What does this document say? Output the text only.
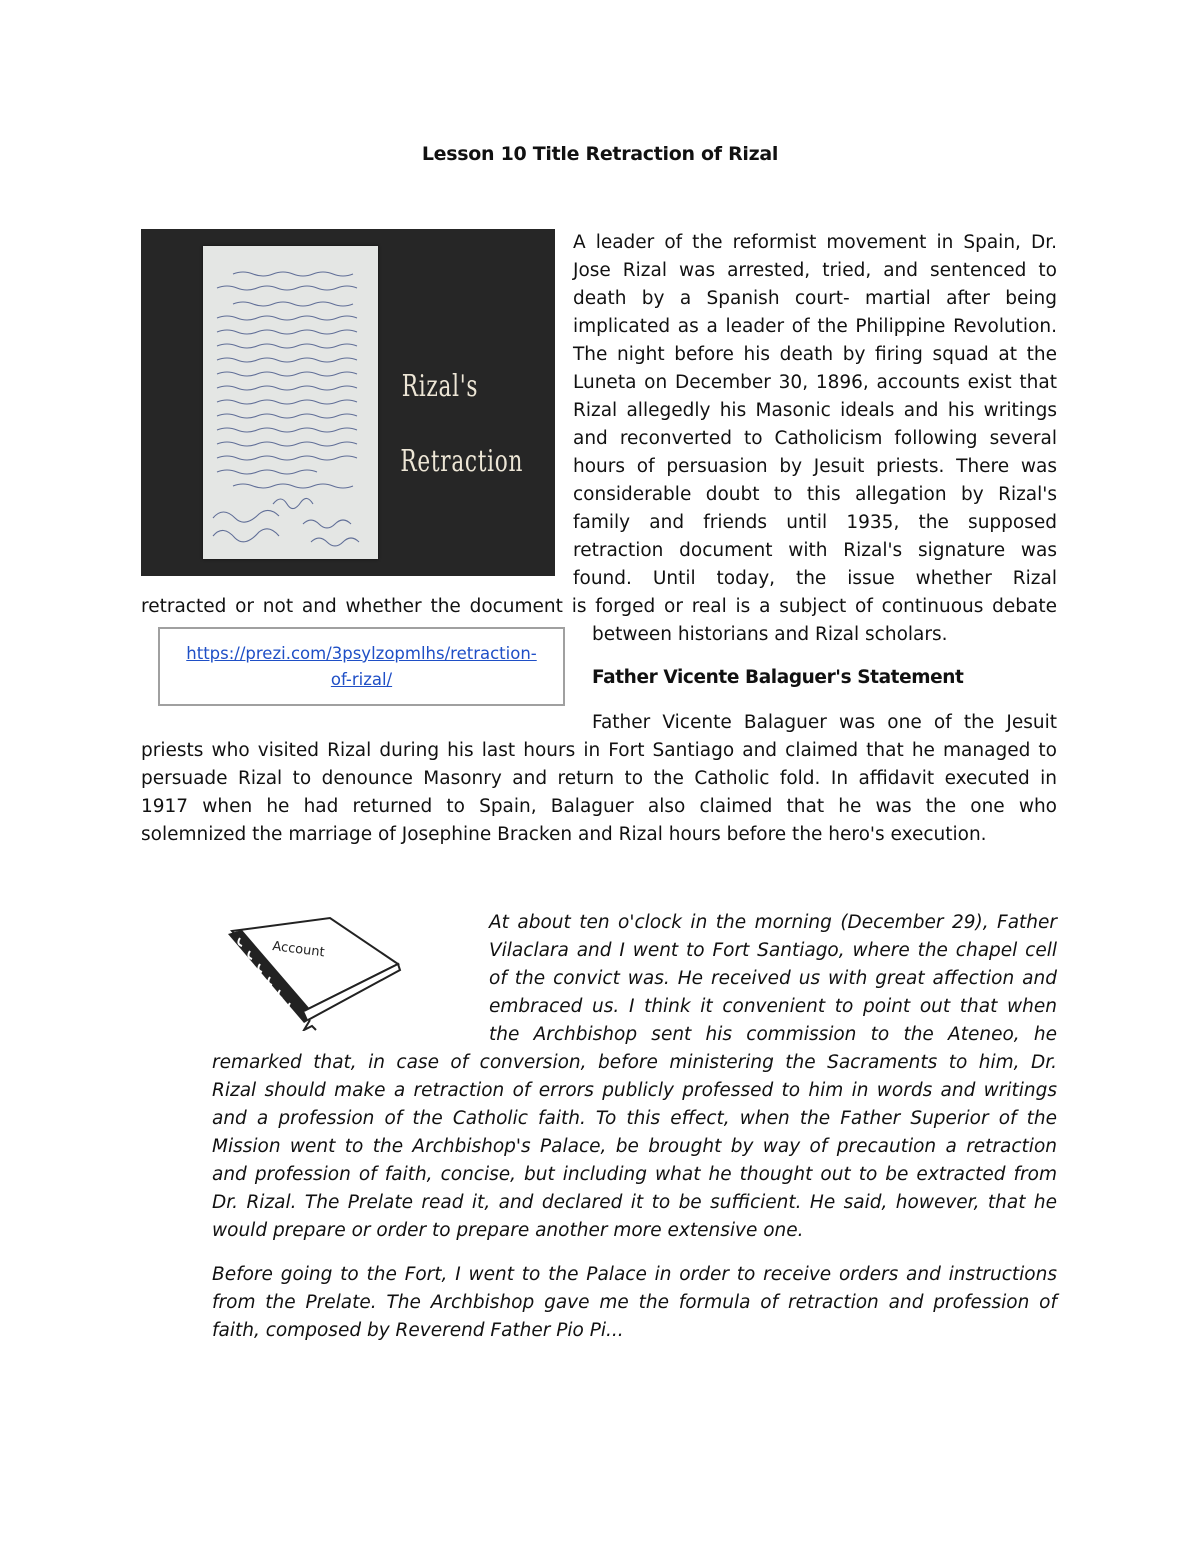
Lesson 10 Title Retraction of Rizal
Rizal's
Retraction
A leader of the reformist movement in Spain, Dr.
Jose Rizal was arrested, tried, and sentenced to
death by a Spanish court- martial after being
implicated as a leader of the Philippine Revolution.
The night before his death by firing squad at the
Luneta on December 30, 1896, accounts exist that
Rizal allegedly his Masonic ideals and his writings
and reconverted to Catholicism following several
hours of persuasion by Jesuit priests. There was
considerable doubt to this allegation by Rizal's
family and friends until 1935, the supposed
retraction document with Rizal's signature was
found. Until today, the issue whether Rizal
retracted or not and whether the document is forged or real is a subject of continuous debate
between historians and Rizal scholars.
https://prezi.com/3psylzopmlhs/retraction-
of-rizal/	Father Vicente Balaguer's Statement
Father Vicente Balaguer was one of the Jesuit
priests who visited Rizal during his last hours in Fort Santiago and claimed that he managed to
persuade Rizal to denounce Masonry and return to the Catholic fold. In affidavit executed in
1917 when he had returned to Spain, Balaguer also claimed that he was the one who
solemnized the marriage of Josephine Bracken and Rizal hours before the hero's execution.
Account
At about ten o'clock in the morning (December 29), Father
Vilaclara and I went to Fort Santiago, where the chapel cell
of the convict was. He received us with great affection and
embraced us. I think it convenient to point out that when
the Archbishop sent his commission to the Ateneo, he
remarked that, in case of conversion, before ministering the Sacraments to him, Dr.
Rizal should make a retraction of errors publicly professed to him in words and writings
and a profession of the Catholic faith. To this effect, when the Father Superior of the
Mission went to the Archbishop's Palace, be brought by way of precaution a retraction
and profession of faith, concise, but including what he thought out to be extracted from
Dr. Rizal. The Prelate read it, and declared it to be sufficient. He said, however, that he
would prepare or order to prepare another more extensive one.
Before going to the Fort, I went to the Palace in order to receive orders and instructions
from the Prelate. The Archbishop gave me the formula of retraction and profession of
faith, composed by Reverend Father Pio Pi...
